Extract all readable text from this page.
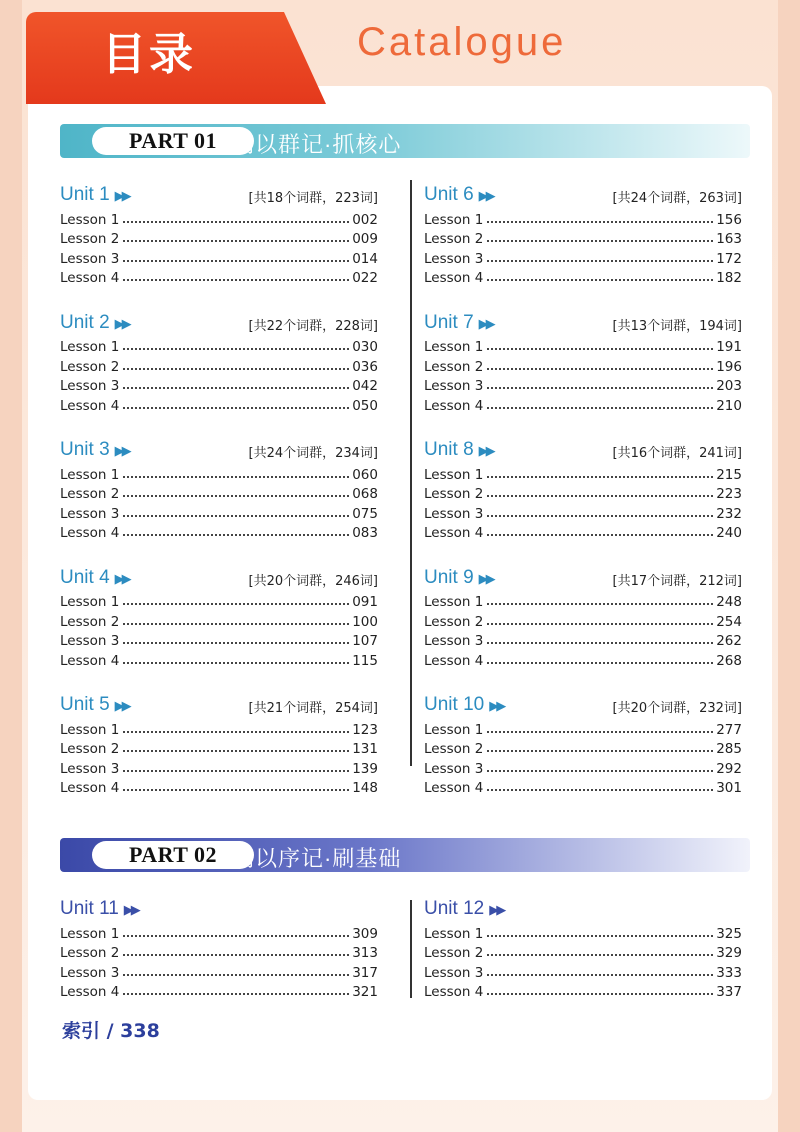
目录	Catalogue
PART 01 词以群记·抓核心
Unit 1 ▶▶	[共18个词群，223词]
Lesson 1	002
Lesson 2	009
Lesson 3	014
Lesson 4	022
Unit 2 ▶▶	[共22个词群，228词]
Lesson 1	030
Lesson 2	036
Lesson 3	042
Lesson 4	050
Unit 3 ▶▶	[共24个词群，234词]
Lesson 1	060
Lesson 2	068
Lesson 3	075
Lesson 4	083
Unit 4 ▶▶	[共20个词群，246词]
Lesson 1	091
Lesson 2	100
Lesson 3	107
Lesson 4	115
Unit 5 ▶▶	[共21个词群，254词]
Lesson 1	123
Lesson 2	131
Lesson 3	139
Lesson 4	148
Unit 6 ▶▶	[共24个词群，263词]
Lesson 1	156
Lesson 2	163
Lesson 3	172
Lesson 4	182
Unit 7 ▶▶	[共13个词群，194词]
Lesson 1	191
Lesson 2	196
Lesson 3	203
Lesson 4	210
Unit 8 ▶▶	[共16个词群，241词]
Lesson 1	215
Lesson 2	223
Lesson 3	232
Lesson 4	240
Unit 9 ▶▶	[共17个词群，212词]
Lesson 1	248
Lesson 2	254
Lesson 3	262
Lesson 4	268
Unit 10 ▶▶	[共20个词群，232词]
Lesson 1	277
Lesson 2	285
Lesson 3	292
Lesson 4	301
PART 02 词以序记·刷基础
Unit 11 ▶▶
Lesson 1	309
Lesson 2	313
Lesson 3	317
Lesson 4	321
Unit 12 ▶▶
Lesson 1	325
Lesson 2	329
Lesson 3	333
Lesson 4	337
索引 / 338
